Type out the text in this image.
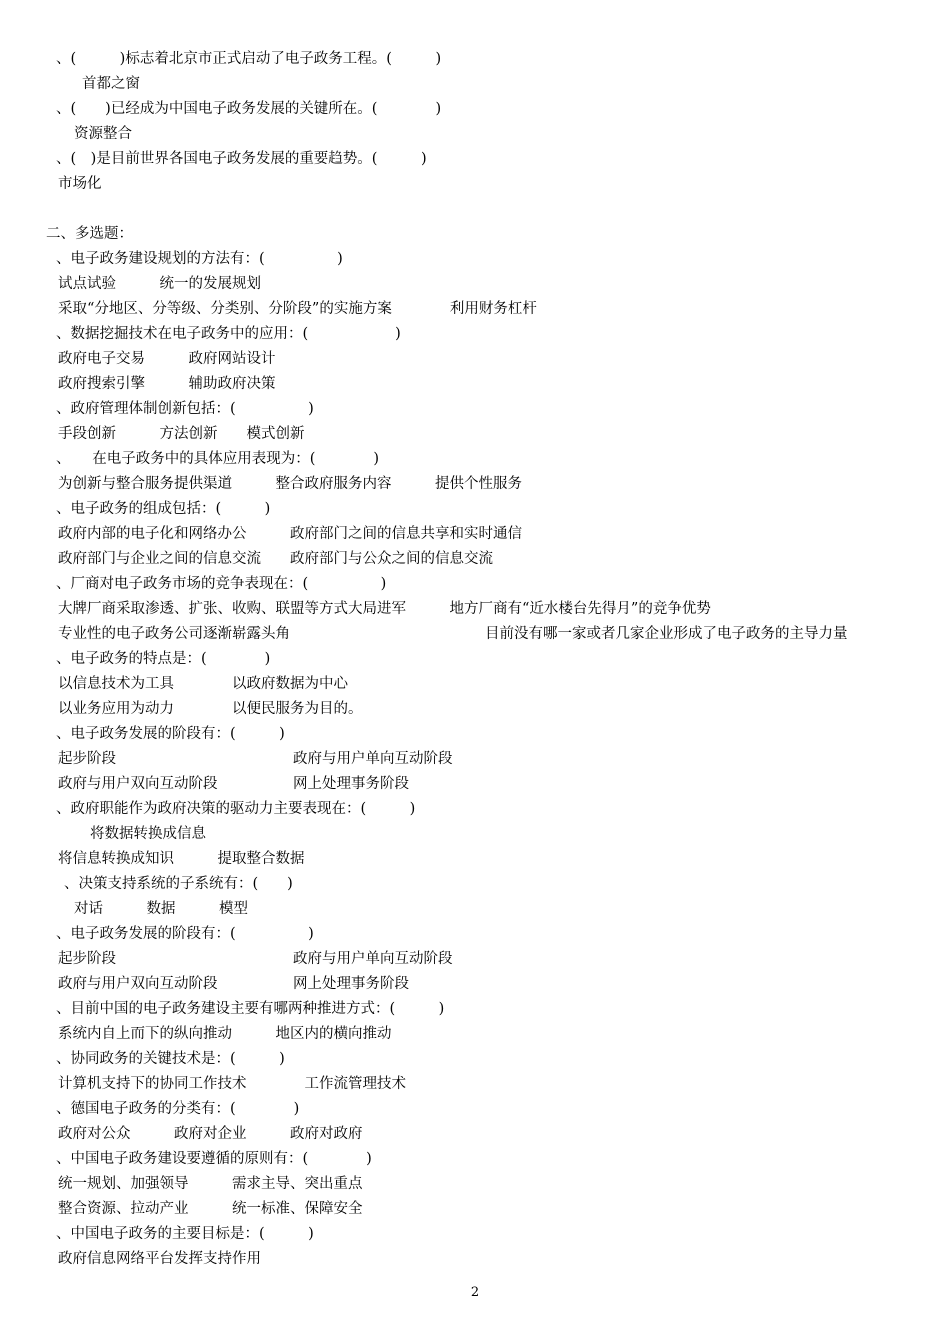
、(　　　)标志着北京市正式启动了电子政务工程。(　　　)
首都之窗
、(　　)已经成为中国电子政务发展的关键所在。(　　　　)
资源整合
、(　)是目前世界各国电子政务发展的重要趋势。(　　　)
市场化
二、多选题：
、电子政务建设规划的方法有：(　　　　　)
试点试验　　　统一的发展规划
采取“分地区、分等级、分类别、分阶段”的实施方案　　　　利用财务杠杆
、数据挖掘技术在电子政务中的应用：(　　　　　　)
政府电子交易　　　政府网站设计
政府搜索引擎　　　辅助政府决策
、政府管理体制创新包括：(　　　　　)
手段创新　　　方法创新　　模式创新
、　　在电子政务中的具体应用表现为：(　　　　)
为创新与整合服务提供渠道　　　整合政府服务内容　　　提供个性服务
、电子政务的组成包括：(　　　)
政府内部的电子化和网络办公　　　政府部门之间的信息共享和实时通信
政府部门与企业之间的信息交流　　政府部门与公众之间的信息交流
、厂商对电子政务市场的竞争表现在：(　　　　　)
大牌厂商采取渗透、扩张、收购、联盟等方式大局进军　　　地方厂商有“近水楼台先得月”的竞争优势
专业性的电子政务公司逐渐崭露头角	目前没有哪一家或者几家企业形成了电子政务的主导力量
、电子政务的特点是：(　　　　)
以信息技术为工具　　　　以政府数据为中心
以业务应用为动力　　　　以便民服务为目的。
、电子政务发展的阶段有：(　　　)
起步阶段	政府与用户单向互动阶段
政府与用户双向互动阶段	网上处理事务阶段
、政府职能作为政府决策的驱动力主要表现在：(　　　)
将数据转换成信息
将信息转换成知识　　　提取整合数据
、决策支持系统的子系统有：(　　)
对话　　　数据　　　模型
、电子政务发展的阶段有：(　　　　　)
起步阶段	政府与用户单向互动阶段
政府与用户双向互动阶段	网上处理事务阶段
、目前中国的电子政务建设主要有哪两种推进方式：(　　　)
系统内自上而下的纵向推动　　　地区内的横向推动
、协同政务的关键技术是：(　　　)
计算机支持下的协同工作技术　　　　工作流管理技术
、德国电子政务的分类有：(　　　　)
政府对公众　　　政府对企业　　　政府对政府
、中国电子政务建设要遵循的原则有：(　　　　)
统一规划、加强领导　　　需求主导、突出重点
整合资源、拉动产业　　　统一标准、保障安全
、中国电子政务的主要目标是：(　　　)
政府信息网络平台发挥支持作用
2
